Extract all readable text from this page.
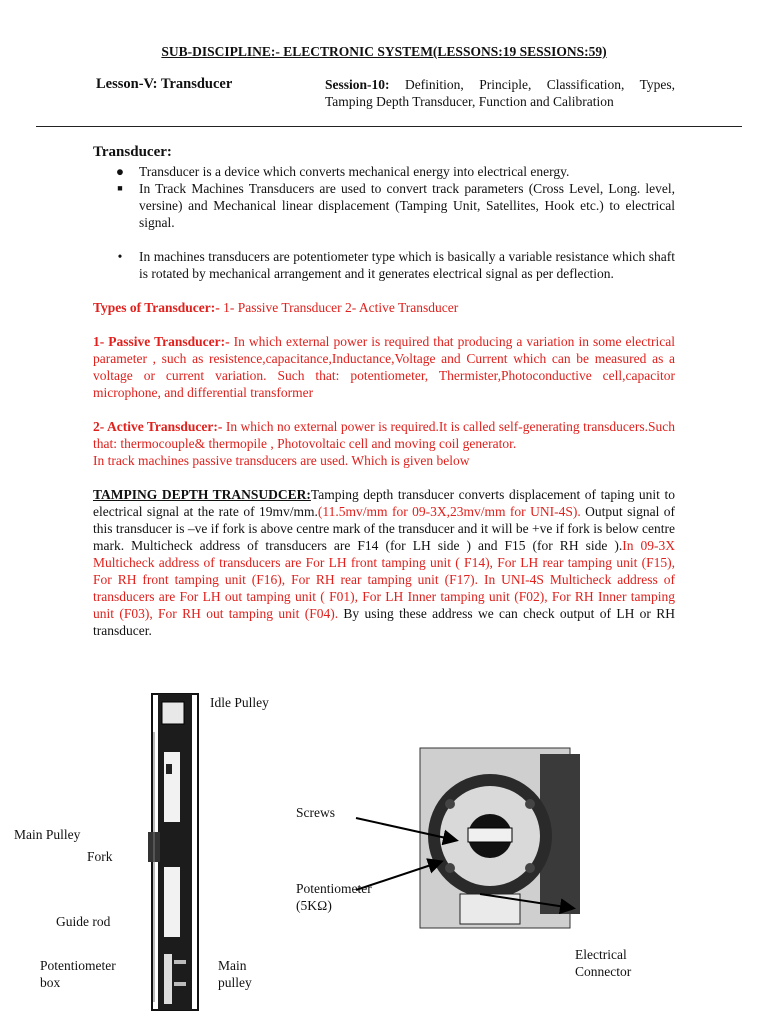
SUB-DISCIPLINE:- ELECTRONIC SYSTEM(LESSONS:19 SESSIONS:59)
Lesson-V: Transducer	Session-10: Definition, Principle, Classification, Types, Tamping Depth Transducer, Function and Calibration

Transducer:

● Transducer is a device which converts mechanical energy into electrical energy.
■ In Track Machines Transducers are used to convert track parameters (Cross Level, Long. level, versine) and Mechanical linear displacement (Tamping Unit, Satellites, Hook etc.) to electrical signal.
• In machines transducers are potentiometer type which is basically a variable resistance which shaft is rotated by mechanical arrangement and it generates electrical signal as per deflection.

Types of Transducer:- 1- Passive Transducer 2- Active Transducer

1- Passive Transducer:- In which external power is required that producing a variation in some electrical parameter , such as resistence,capacitance,Inductance,Voltage and Current which can be measured as a voltage or current variation. Such that: potentiometer, Thermister,Photoconductive cell,capacitor microphone, and differential transformer

2- Active Transducer:- In which no external power is required.It is called self-generating transducers.Such that: thermocouple& thermopile , Photovoltaic cell and moving coil generator.

In track machines passive transducers are used. Which is given below

TAMPING DEPTH TRANSUDCER:Tamping depth transducer converts displacement of taping unit to electrical signal at the rate of 19mv/mm.(11.5mv/mm for 09-3X,23mv/mm for UNI-4S). Output signal of this transducer is –ve if fork is above centre mark of the transducer and it will be +ve if fork is below centre mark. Multicheck address of transducers are F14 (for LH side ) and F15 (for RH side ).In 09-3X Multicheck address of transducers are For LH front tamping unit ( F14), For LH rear tamping unit (F15), For RH front tamping unit (F16), For RH rear tamping unit (F17). In UNI-4S Multicheck address of transducers are For LH out tamping unit ( F01), For LH Inner tamping unit (F02), For RH Inner tamping unit (F03), For RH out tamping unit (F04). By using these address we can check output of LH or RH transducer.

Idle Pulley
Main Pulley
Fork
Guide rod
Potentiometer box
Main pulley
Screws
Potentiometer (5KΩ)
Electrical Connector
